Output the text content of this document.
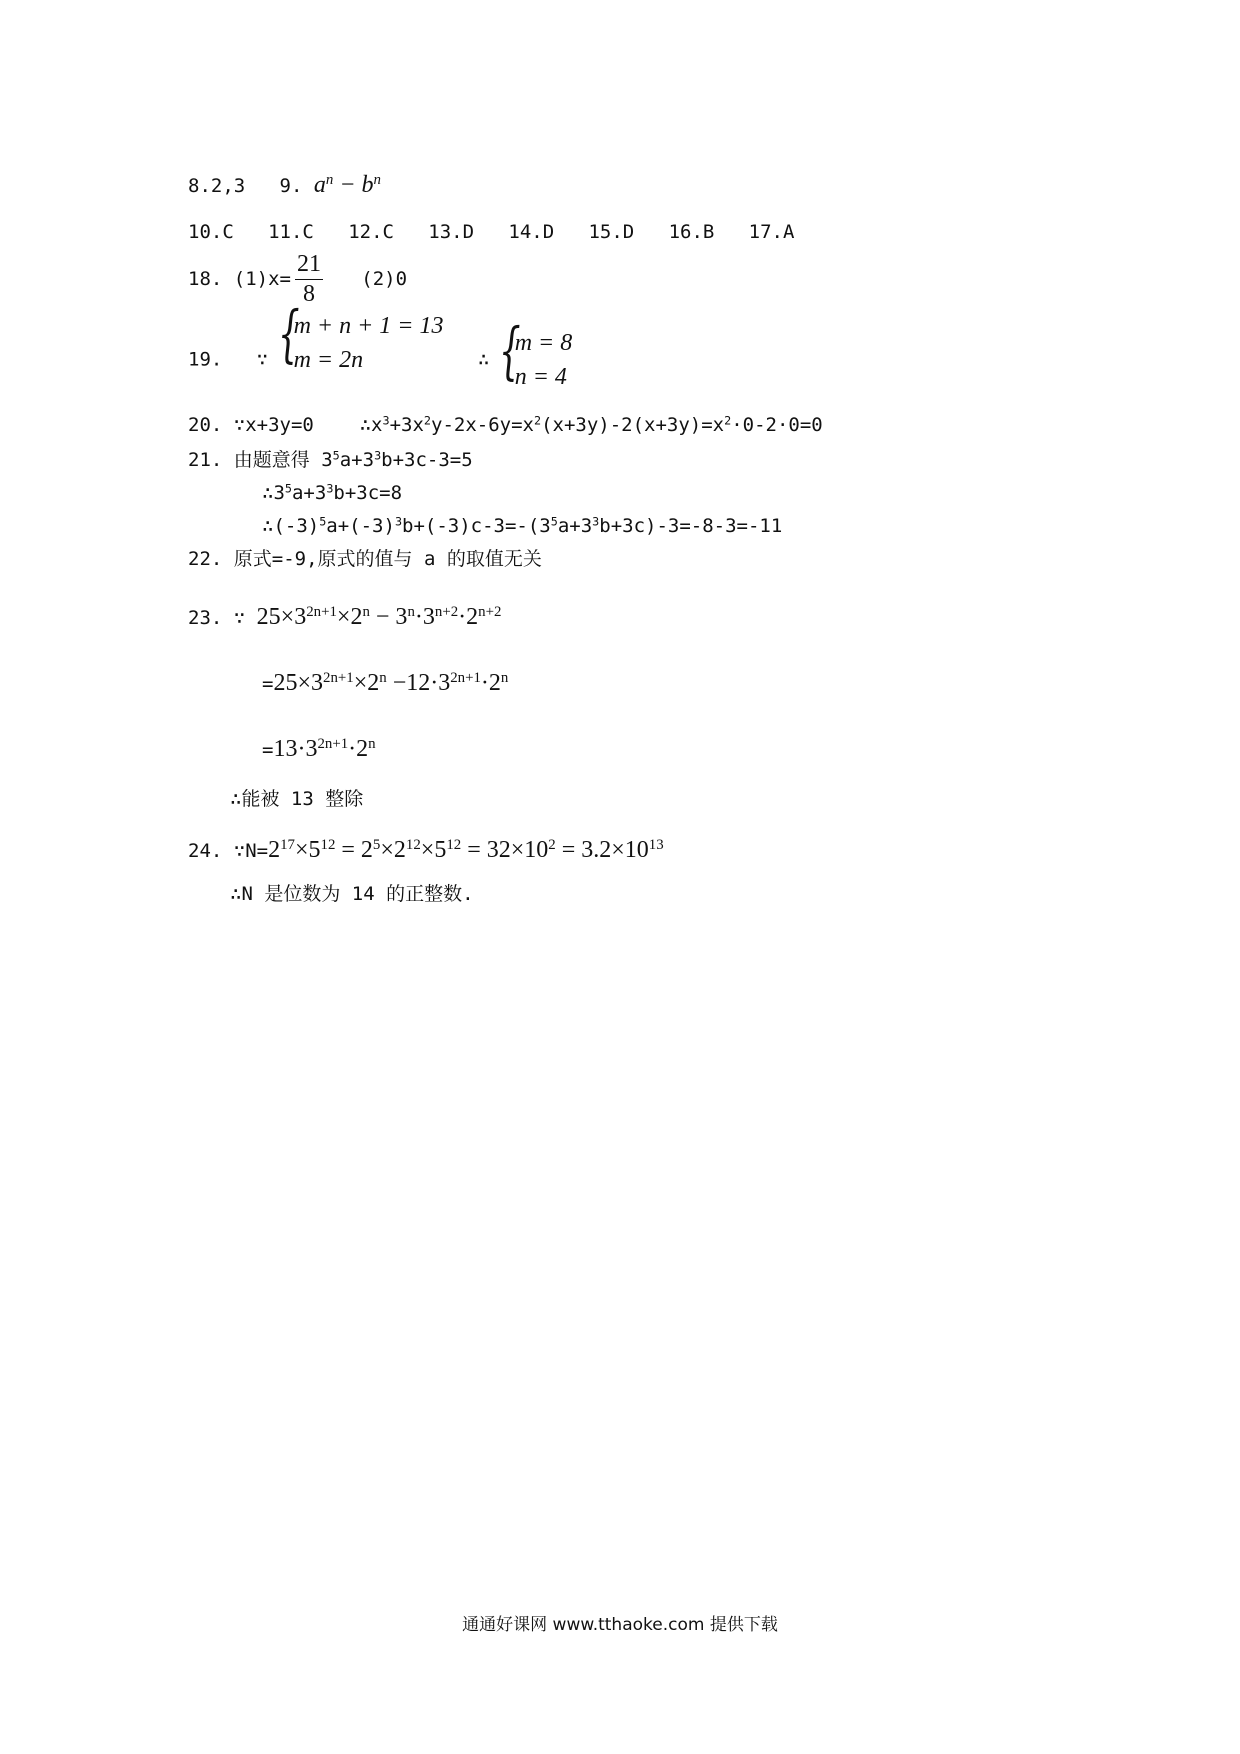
8.2,3 9. $a^n - b^n$
10.C 11.C 12.C 13.D 14.D 15.D 16.B 17.A
18. $(1)x= \frac{21}{8} (2)0$
19. ∵ {
m + n + 1 = 13
m = 2n	∴ {
m = 8
n = 4
20. ∵x+3y=0 $\therefore x^3+3x^2y-2x-6y=x^2(x+3y)-2(x+3y)=x^2\cdot 0-2\cdot 0=0$
21. 由题意得 $3^5a+3^3b+3c-3=5$
$\therefore 3^5a+3^3b+3c=8$
$\therefore(-3)^5a+(-3)^3b+(-3)c-3=-(3^5a+3^3b+3c)-3=-8-3=-11$
22. 原式=-9,原式的值与 a 的取值无关
23. ∵ $25\times 3^{2n+1}\times 2^n - 3^n\cdot 3^{n+2}\cdot 2^{n+2}$
$=25\times 3^{2n+1}\times 2^n -12\cdot 3^{2n+1}\cdot 2^n$
$=13\cdot 3^{2n+1}\cdot 2^n$
∴能被 13 整除
24. $\because N=2^{17}\times 5^{12} = 2^5\times 2^{12}\times 5^{12} = 32\times 10^2 = 3.2\times 10^{13}$
∴N 是位数为 14 的正整数.
通通好课网 www.tthaoke.com 提供下载
